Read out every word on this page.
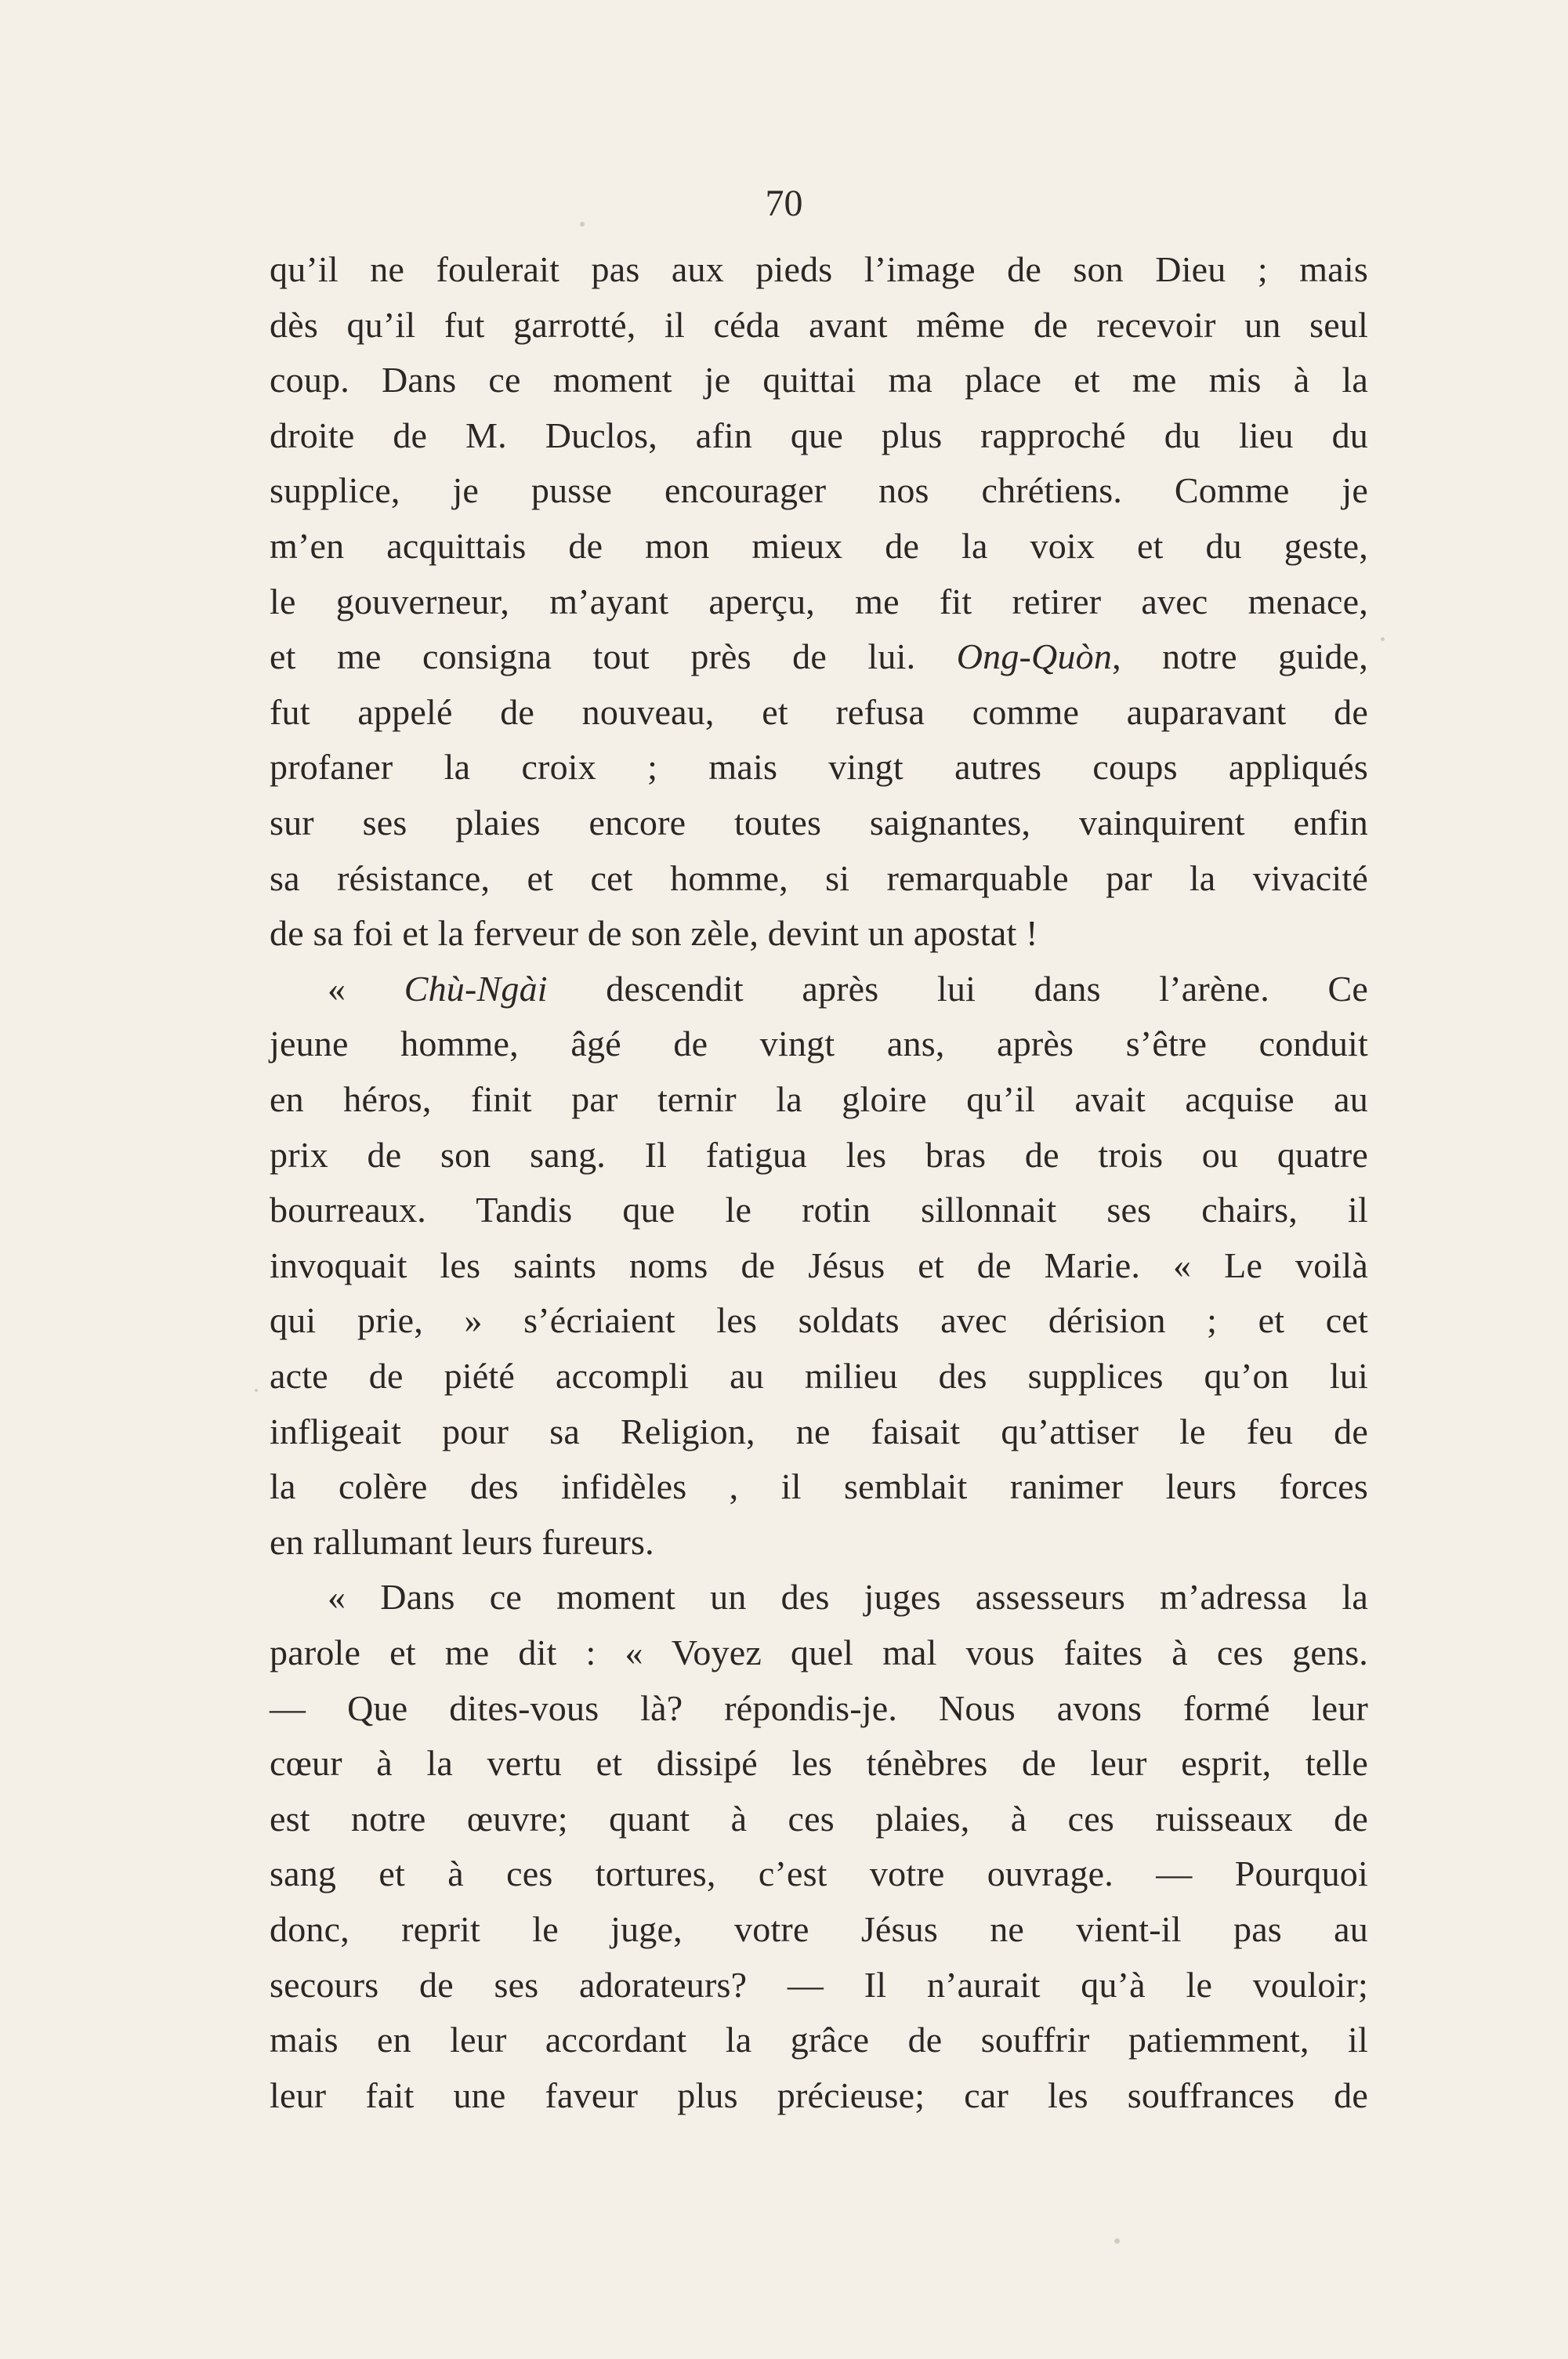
70
qu’il ne foulerait pas aux pieds l’image de son Dieu ; mais
dès qu’il fut garrotté, il céda avant même de recevoir un seul
coup. Dans ce moment je quittai ma place et me mis à la
droite de M. Duclos, afin que plus rapproché du lieu du
supplice, je pusse encourager nos chrétiens. Comme je
m’en acquittais de mon mieux de la voix et du geste,
le gouverneur, m’ayant aperçu, me fit retirer avec menace,
et me consigna tout près de lui. Ong-Quòn, notre guide,
fut appelé de nouveau, et refusa comme auparavant de
profaner la croix ; mais vingt autres coups appliqués
sur ses plaies encore toutes saignantes, vainquirent enfin
sa résistance, et cet homme, si remarquable par la vivacité
de sa foi et la ferveur de son zèle, devint un apostat !
« Chù-Ngài descendit après lui dans l’arène. Ce
jeune homme, âgé de vingt ans, après s’être conduit
en héros, finit par ternir la gloire qu’il avait acquise au
prix de son sang. Il fatigua les bras de trois ou quatre
bourreaux. Tandis que le rotin sillonnait ses chairs, il
invoquait les saints noms de Jésus et de Marie. « Le voilà
qui prie, » s’écriaient les soldats avec dérision ; et cet
acte de piété accompli au milieu des supplices qu’on lui
infligeait pour sa Religion, ne faisait qu’attiser le feu de
la colère des infidèles , il semblait ranimer leurs forces
en rallumant leurs fureurs.
« Dans ce moment un des juges assesseurs m’adressa la
parole et me dit : « Voyez quel mal vous faites à ces gens.
— Que dites-vous là? répondis-je. Nous avons formé leur
cœur à la vertu et dissipé les ténèbres de leur esprit, telle
est notre œuvre; quant à ces plaies, à ces ruisseaux de
sang et à ces tortures, c’est votre ouvrage. — Pourquoi
donc, reprit le juge, votre Jésus ne vient-il pas au
secours de ses adorateurs? — Il n’aurait qu’à le vouloir;
mais en leur accordant la grâce de souffrir patiemment, il
leur fait une faveur plus précieuse; car les souffrances de
